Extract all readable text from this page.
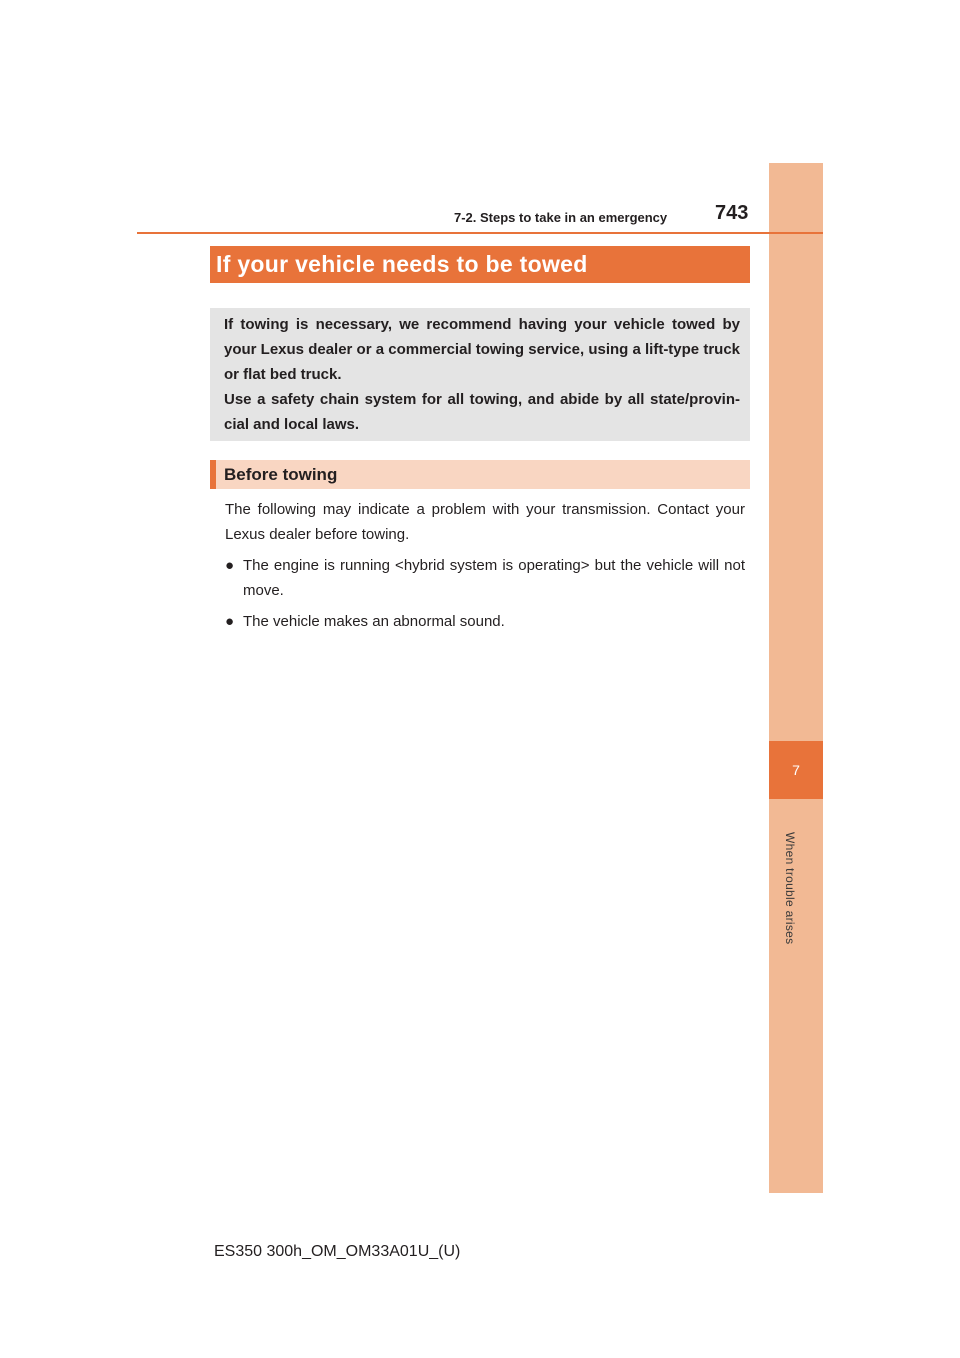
7
When trouble arises
7-2. Steps to take in an emergency 743
If your vehicle needs to be towed

If towing is necessary, we recommend having your vehicle towed by your Lexus dealer or a commercial towing service, using a lift-type truck or flat bed truck.

Use a safety chain system for all towing, and abide by all state/provin-cial and local laws.

Before towing

The following may indicate a problem with your transmission. Contact your Lexus dealer before towing.

● The engine is running <hybrid system is operating> but the vehicle will not move.
● The vehicle makes an abnormal sound.
ES350 300h_OM_OM33A01U_(U)
